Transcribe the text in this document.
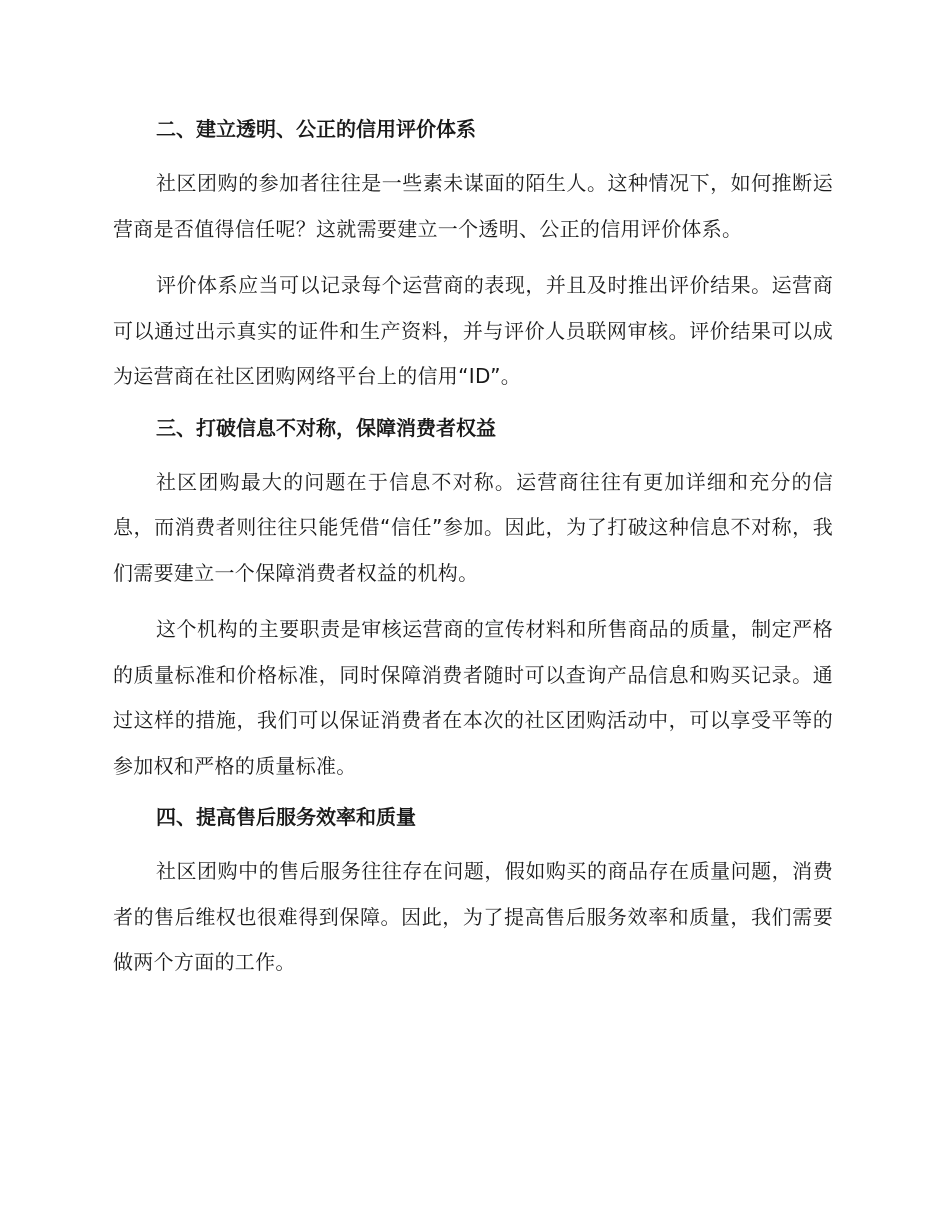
二、建立透明、公正的信用评价体系

社区团购的参加者往往是一些素未谋面的陌生人。这种情况下，如何推断运营商是否值得信任呢？这就需要建立一个透明、公正的信用评价体系。

评价体系应当可以记录每个运营商的表现，并且及时推出评价结果。运营商可以通过出示真实的证件和生产资料，并与评价人员联网审核。评价结果可以成为运营商在社区团购网络平台上的信用“ID”。

三、打破信息不对称，保障消费者权益

社区团购最大的问题在于信息不对称。运营商往往有更加详细和充分的信息，而消费者则往往只能凭借“信任”参加。因此，为了打破这种信息不对称，我们需要建立一个保障消费者权益的机构。

这个机构的主要职责是审核运营商的宣传材料和所售商品的质量，制定严格的质量标准和价格标准，同时保障消费者随时可以查询产品信息和购买记录。通过这样的措施，我们可以保证消费者在本次的社区团购活动中，可以享受平等的参加权和严格的质量标准。

四、提高售后服务效率和质量

社区团购中的售后服务往往存在问题，假如购买的商品存在质量问题，消费者的售后维权也很难得到保障。因此，为了提高售后服务效率和质量，我们需要做两个方面的工作。
